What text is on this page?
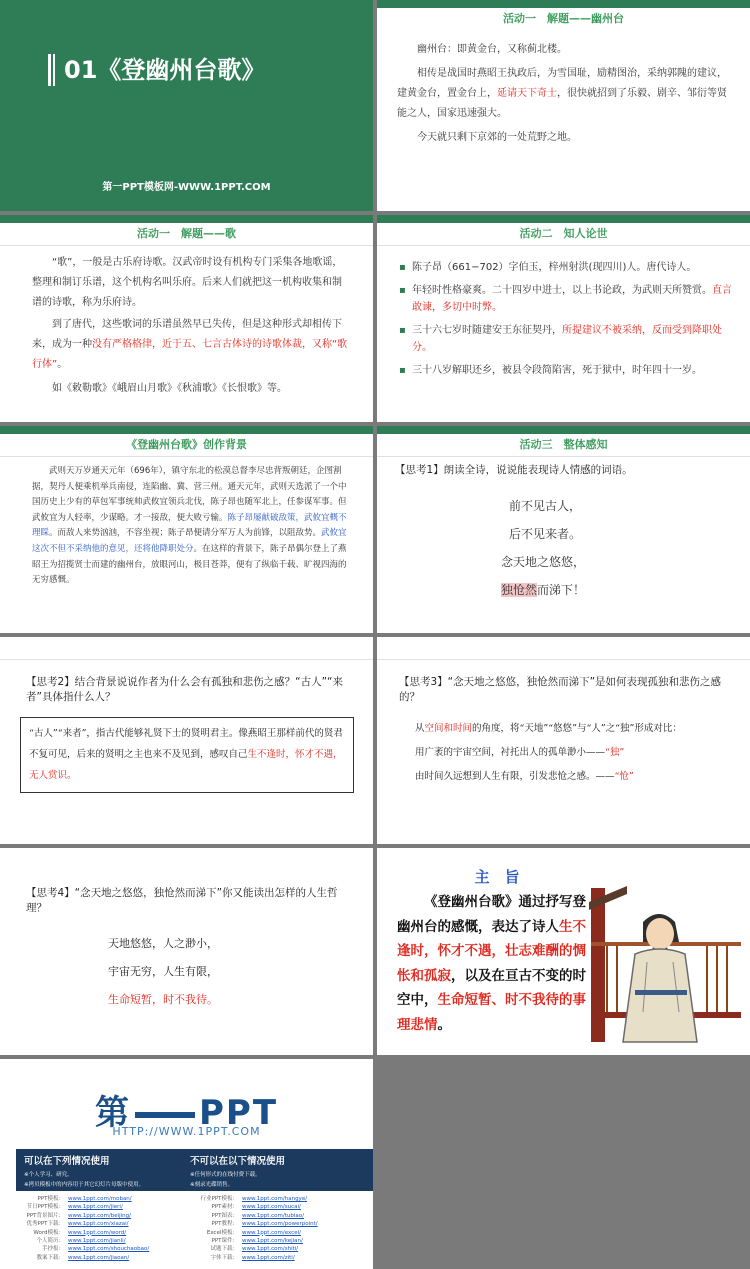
01《登幽州台歌》
第一PPT模板网-WWW.1PPT.COM
活动一　解题——幽州台

幽州台：即黄金台，又称蓟北楼。

相传是战国时燕昭王执政后，为雪国耻，励精图治，采纳郭隗的建议，建黄金台，置金台上，延请天下奇士，很快就招到了乐毅、剧辛、邹衍等贤能之人，国家迅速强大。

今天就只剩下京郊的一处荒野之地。

活动一　解题——歌

“歌”，一般是古乐府诗歌。汉武帝时设有机构专门采集各地歌谣，整理和制订乐谱，这个机构名叫乐府。后来人们就把这一机构收集和制谱的诗歌，称为乐府诗。

到了唐代，这些歌词的乐谱虽然早已失传，但是这种形式却相传下来，成为一种没有严格格律，近于五、七言古体诗的诗歌体裁，又称“歌行体”。

如《敕勒歌》《峨眉山月歌》《秋浦歌》《长恨歌》等。

活动二　知人论世
▪ 陈子昂（661−702）字伯玉，梓州射洪(现四川)人。唐代诗人。
▪ 年轻时性格豪爽。二十四岁中进士，以上书论政，为武则天所赞赏。直言敢谏，多切中时弊。
▪ 三十六七岁时随建安王东征契丹，所提建议不被采纳，反而受到降职处分。
▪ 三十八岁解职还乡，被县令段简陷害，死于狱中，时年四十一岁。
《登幽州台歌》创作背景

武则天万岁通天元年（696年），镇守东北的松漠总督李尽忠背叛朝廷，企图割据，契丹人便乘机举兵南侵，连陷幽、冀、营三州。通天元年，武则天选派了一个中国历史上少有的草包军事统帅武攸宜领兵北伐，陈子昂也随军北上，任参谋军事。但武攸宜为人轻率，少谋略。才一接敌，便大败亏输。陈子昂屡献破敌策，武攸宜概不理睬。而敌人来势汹汹，不容坐视；陈子昂便请分军万人为前锋，以阻敌势。武攸宜这次不但不采纳他的意见，还将他降职处分。在这样的背景下，陈子昂偶尔登上了燕昭王为招揽贤士而建的幽州台，放眼河山，极目苍莽，便有了纵临千载、旷视四海的无穷感慨。

活动三　整体感知

【思考1】朗读全诗，说说能表现诗人情感的词语。

前不见古人，
后不见来者。
念天地之悠悠，
独怆然而涕下！

【思考2】结合背景说说作者为什么会有孤独和悲伤之感？“古人”“来者”具体指什么人？

“古人”“来者”，指古代能够礼贤下士的贤明君主。像燕昭王那样前代的贤君不复可见，后来的贤明之主也来不及见到，感叹自己生不逢时，怀才不遇，无人赏识。

【思考3】“念天地之悠悠，独怆然而涕下”是如何表现孤独和悲伤之感的？

从空间和时间的角度，将“天地”“悠悠”与“人”之“独”形成对比：
用广袤的宇宙空间，衬托出人的孤单渺小——“独”
由时间久远想到人生有限，引发悲怆之感。——“怆”

【思考4】“念天地之悠悠，独怆然而涕下”你又能读出怎样的人生哲理？

天地悠悠，人之渺小，
宇宙无穷，人生有限，
生命短暂，时不我待。
主　旨

《登幽州台歌》通过抒写登幽州台的感慨，表达了诗人生不逢时，怀才不遇，壮志难酬的惆怅和孤寂，以及在亘古不变的时空中，生命短暂、时不我待的事理悲情。

第 PPT
HTTP://WWW.1PPT.COM
可以在下列情况使用
※个人学习、研究。
※拷贝模板中的内容用于其它幻灯片母版中使用。
不可以在以下情况使用
※任何形式的在线付费下载。
※刻录光碟销售。
PPT模板： www.1ppt.com/moban/
节日PPT模板： www.1ppt.com/jieri/
PPT背景图片： www.1ppt.com/beijing/
优秀PPT下载： www.1ppt.com/xiazai/
Word模板： www.1ppt.com/word/
个人简历： www.1ppt.com/jianli/
手抄报： www.1ppt.com/shouchaobao/
教案下载： www.1ppt.com/jiaoan/
行业PPT模板： www.1ppt.com/hangye/
PPT素材： www.1ppt.com/sucai/
PPT图表： www.1ppt.com/tubiao/
PPT教程： www.1ppt.com/powerpoint/
Excel模板： www.1ppt.com/excel/
PPT课件： www.1ppt.com/kejian/
试题下载： www.1ppt.com/shiti/
字体下载： www.1ppt.com/ziti/
